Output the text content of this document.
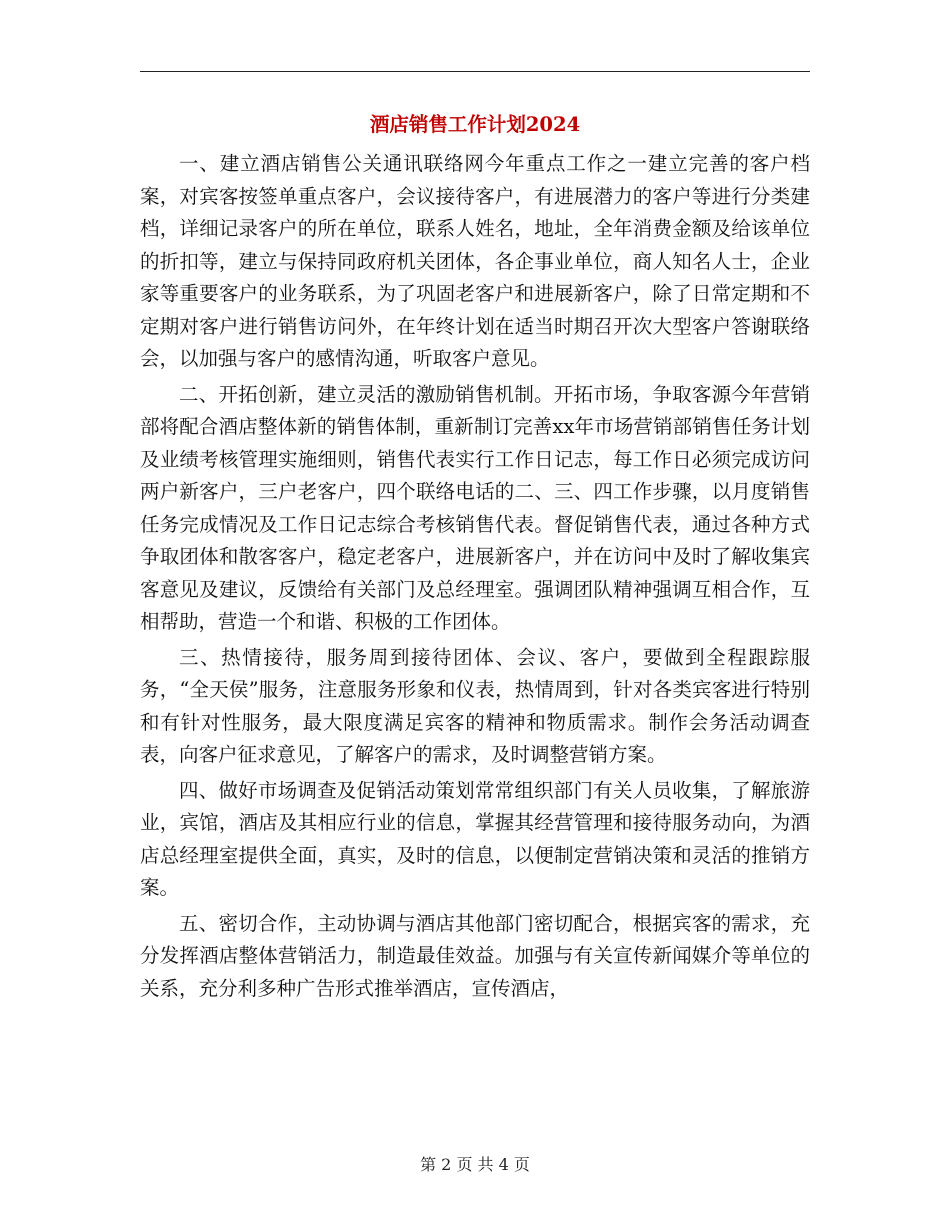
酒店销售工作计划2024

一、建立酒店销售公关通讯联络网今年重点工作之一建立完善的客户档案，对宾客按签单重点客户，会议接待客户，有进展潜力的客户等进行分类建档，详细记录客户的所在单位，联系人姓名，地址，全年消费金额及给该单位的折扣等，建立与保持同政府机关团体，各企事业单位，商人知名人士，企业家等重要客户的业务联系，为了巩固老客户和进展新客户，除了日常定期和不定期对客户进行销售访问外，在年终计划在适当时期召开次大型客户答谢联络会，以加强与客户的感情沟通，听取客户意见。

二、开拓创新，建立灵活的激励销售机制。开拓市场，争取客源今年营销部将配合酒店整体新的销售体制，重新制订完善xx年市场营销部销售任务计划及业绩考核管理实施细则，销售代表实行工作日记志，每工作日必须完成访问两户新客户，三户老客户，四个联络电话的二、三、四工作步骤，以月度销售任务完成情况及工作日记志综合考核销售代表。督促销售代表，通过各种方式争取团体和散客客户，稳定老客户，进展新客户，并在访问中及时了解收集宾客意见及建议，反馈给有关部门及总经理室。强调团队精神强调互相合作，互相帮助，营造一个和谐、积极的工作团体。

三、热情接待，服务周到接待团体、会议、客户，要做到全程跟踪服务，“全天侯”服务，注意服务形象和仪表，热情周到，针对各类宾客进行特别和有针对性服务，最大限度满足宾客的精神和物质需求。制作会务活动调查表，向客户征求意见，了解客户的需求，及时调整营销方案。

四、做好市场调查及促销活动策划常常组织部门有关人员收集，了解旅游业，宾馆，酒店及其相应行业的信息，掌握其经营管理和接待服务动向，为酒店总经理室提供全面，真实，及时的信息，以便制定营销决策和灵活的推销方案。

五、密切合作，主动协调与酒店其他部门密切配合，根据宾客的需求，充分发挥酒店整体营销活力，制造最佳效益。加强与有关宣传新闻媒介等单位的关系，充分利多种广告形式推举酒店，宣传酒店，

第 2 页 共 4 页
